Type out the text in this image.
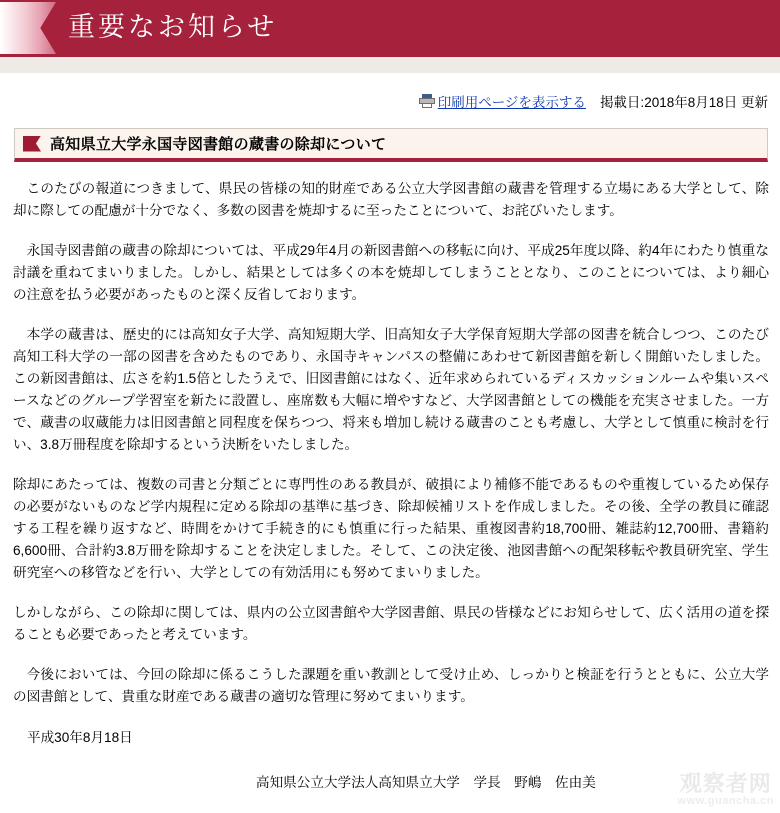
重要なお知らせ
印刷用ページを表示する 掲載日:2018年8月18日 更新
高知県立大学永国寺図書館の蔵書の除却について

このたびの報道につきまして、県民の皆様の知的財産である公立大学図書館の蔵書を管理する立場にある大学として、除却に際しての配慮が十分でなく、多数の図書を焼却するに至ったことについて、お詫びいたします。

永国寺図書館の蔵書の除却については、平成29年4月の新図書館への移転に向け、平成25年度以降、約4年にわたり慎重な討議を重ねてまいりました。しかし、結果としては多くの本を焼却してしまうこととなり、このことについては、より細心の注意を払う必要があったものと深く反省しております。

本学の蔵書は、歴史的には高知女子大学、高知短期大学、旧高知女子大学保育短期大学部の図書を統合しつつ、このたび高知工科大学の一部の図書を含めたものであり、永国寺キャンパスの整備にあわせて新図書館を新しく開館いたしました。この新図書館は、広さを約1.5倍としたうえで、旧図書館にはなく、近年求められているディスカッションルームや集いスペースなどのグループ学習室を新たに設置し、座席数も大幅に増やすなど、大学図書館としての機能を充実させました。一方で、蔵書の収蔵能力は旧図書館と同程度を保ちつつ、将来も増加し続ける蔵書のことも考慮し、大学として慎重に検討を行い、3.8万冊程度を除却するという決断をいたしました。

除却にあたっては、複数の司書と分類ごとに専門性のある教員が、破損により補修不能であるものや重複しているため保存の必要がないものなど学内規程に定める除却の基準に基づき、除却候補リストを作成しました。その後、全学の教員に確認する工程を繰り返すなど、時間をかけて手続き的にも慎重に行った結果、重複図書約18,700冊、雑誌約12,700冊、書籍約6,600冊、合計約3.8万冊を除却することを決定しました。そして、この決定後、池図書館への配架移転や教員研究室、学生研究室への移管などを行い、大学としての有効活用にも努めてまいりました。

しかしながら、この除却に関しては、県内の公立図書館や大学図書館、県民の皆様などにお知らせして、広く活用の道を探ることも必要であったと考えています。

今後においては、今回の除却に係るこうした課題を重い教訓として受け止め、しっかりと検証を行うとともに、公立大学の図書館として、貴重な財産である蔵書の適切な管理に努めてまいります。

平成30年8月18日
高知県公立大学法人高知県立大学　学長　野嶋　佐由美	观察者网
www.guancha.cn
